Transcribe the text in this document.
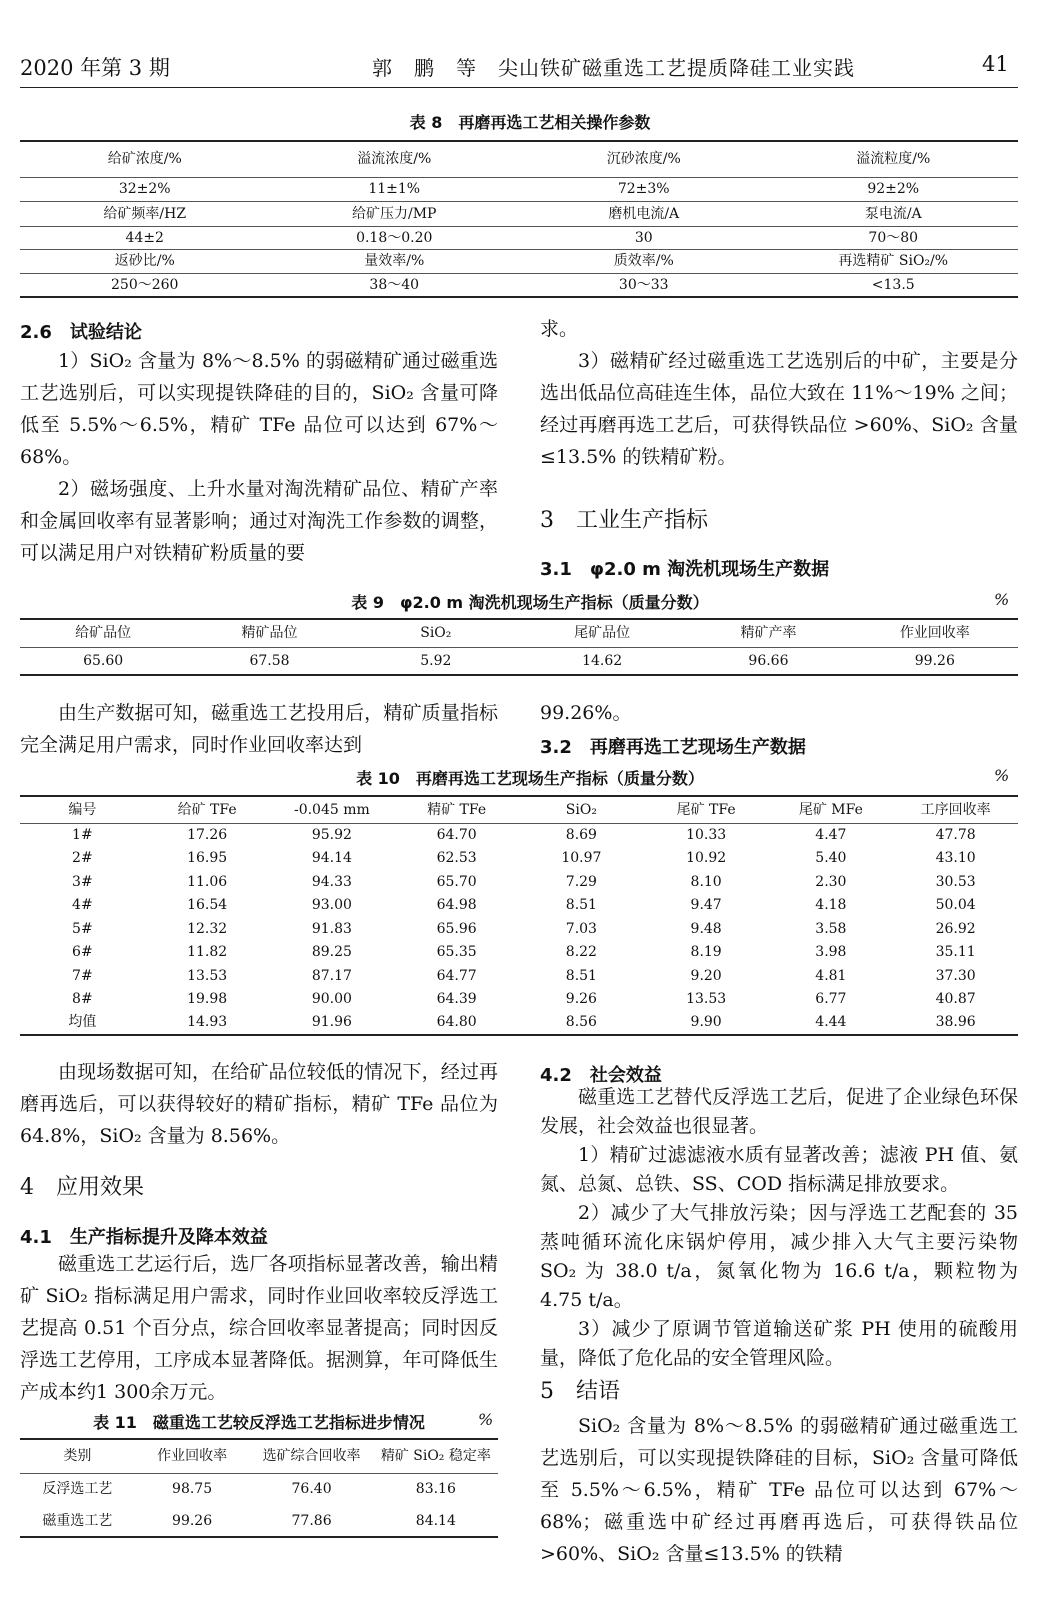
2020 年第 3 期	郭　鹏　等　尖山铁矿磁重选工艺提质降硅工业实践	41
表 8　再磨再选工艺相关操作参数
给矿浓度/%	溢流浓度/%	沉砂浓度/%	溢流粒度/%
32±2%	11±1%	72±3%	92±2%
给矿频率/HZ	给矿压力/MP	磨机电流/A	泵电流/A
44±2	0.18～0.20	30	70～80
返砂比/%	量效率/%	质效率/%	再选精矿 SiO₂/%
250～260	38～40	30～33	<13.5
2.6　试验结论

1）SiO₂ 含量为 8%～8.5% 的弱磁精矿通过磁重选工艺选别后，可以实现提铁降硅的目的，SiO₂ 含量可降低至 5.5%～6.5%，精矿 TFe 品位可以达到 67%～68%。

2）磁场强度、上升水量对淘洗精矿品位、精矿产率和金属回收率有显著影响；通过对淘洗工作参数的调整，可以满足用户对铁精矿粉质量的要

求。

3）磁精矿经过磁重选工艺选别后的中矿，主要是分选出低品位高硅连生体，品位大致在 11%～19% 之间；经过再磨再选工艺后，可获得铁品位 >60%、SiO₂ 含量≤13.5% 的铁精矿粉。

3　工业生产指标
3.1　φ2.0 m 淘洗机现场生产数据
表 9　φ2.0 m 淘洗机现场生产指标（质量分数）	%
给矿品位	精矿品位	SiO₂	尾矿品位	精矿产率	作业回收率
65.60	67.58	5.92	14.62	96.66	99.26

由生产数据可知，磁重选工艺投用后，精矿质量指标完全满足用户需求，同时作业回收率达到

99.26%。

3.2　再磨再选工艺现场生产数据
表 10　再磨再选工艺现场生产指标（质量分数）	%
编号	给矿 TFe	-0.045 mm	精矿 TFe	SiO₂	尾矿 TFe	尾矿 MFe	工序回收率
1#	17.26	95.92	64.70	8.69	10.33	4.47	47.78
2#	16.95	94.14	62.53	10.97	10.92	5.40	43.10
3#	11.06	94.33	65.70	7.29	8.10	2.30	30.53
4#	16.54	93.00	64.98	8.51	9.47	4.18	50.04
5#	12.32	91.83	65.96	7.03	9.48	3.58	26.92
6#	11.82	89.25	65.35	8.22	8.19	3.98	35.11
7#	13.53	87.17	64.77	8.51	9.20	4.81	37.30
8#	19.98	90.00	64.39	9.26	13.53	6.77	40.87
均值	14.93	91.96	64.80	8.56	9.90	4.44	38.96

由现场数据可知，在给矿品位较低的情况下，经过再磨再选后，可以获得较好的精矿指标，精矿 TFe 品位为 64.8%，SiO₂ 含量为 8.56%。

4　应用效果
4.1　生产指标提升及降本效益

磁重选工艺运行后，选厂各项指标显著改善，输出精矿 SiO₂ 指标满足用户需求，同时作业回收率较反浮选工艺提高 0.51 个百分点，综合回收率显著提高；同时因反浮选工艺停用，工序成本显著降低。据测算，年可降低生产成本约1 300余万元。

表 11　磁重选工艺较反浮选工艺指标进步情况	%
类别	作业回收率	选矿综合回收率	精矿 SiO₂ 稳定率
反浮选工艺	98.75	76.40	83.16
磁重选工艺	99.26	77.86	84.14
4.2　社会效益

磁重选工艺替代反浮选工艺后，促进了企业绿色环保发展，社会效益也很显著。

1）精矿过滤滤液水质有显著改善；滤液 PH 值、氨氮、总氮、总铁、SS、COD 指标满足排放要求。

2）减少了大气排放污染；因与浮选工艺配套的 35 蒸吨循环流化床锅炉停用，减少排入大气主要污染物 SO₂ 为 38.0 t/a，氮氧化物为 16.6 t/a，颗粒物为 4.75 t/a。

3）减少了原调节管道输送矿浆 PH 使用的硫酸用量，降低了危化品的安全管理风险。

5　结语

SiO₂ 含量为 8%～8.5% 的弱磁精矿通过磁重选工艺选别后，可以实现提铁降硅的目标，SiO₂ 含量可降低至 5.5%～6.5%，精矿 TFe 品位可以达到 67%～68%；磁重选中矿经过再磨再选后，可获得铁品位 >60%、SiO₂ 含量≤13.5% 的铁精
